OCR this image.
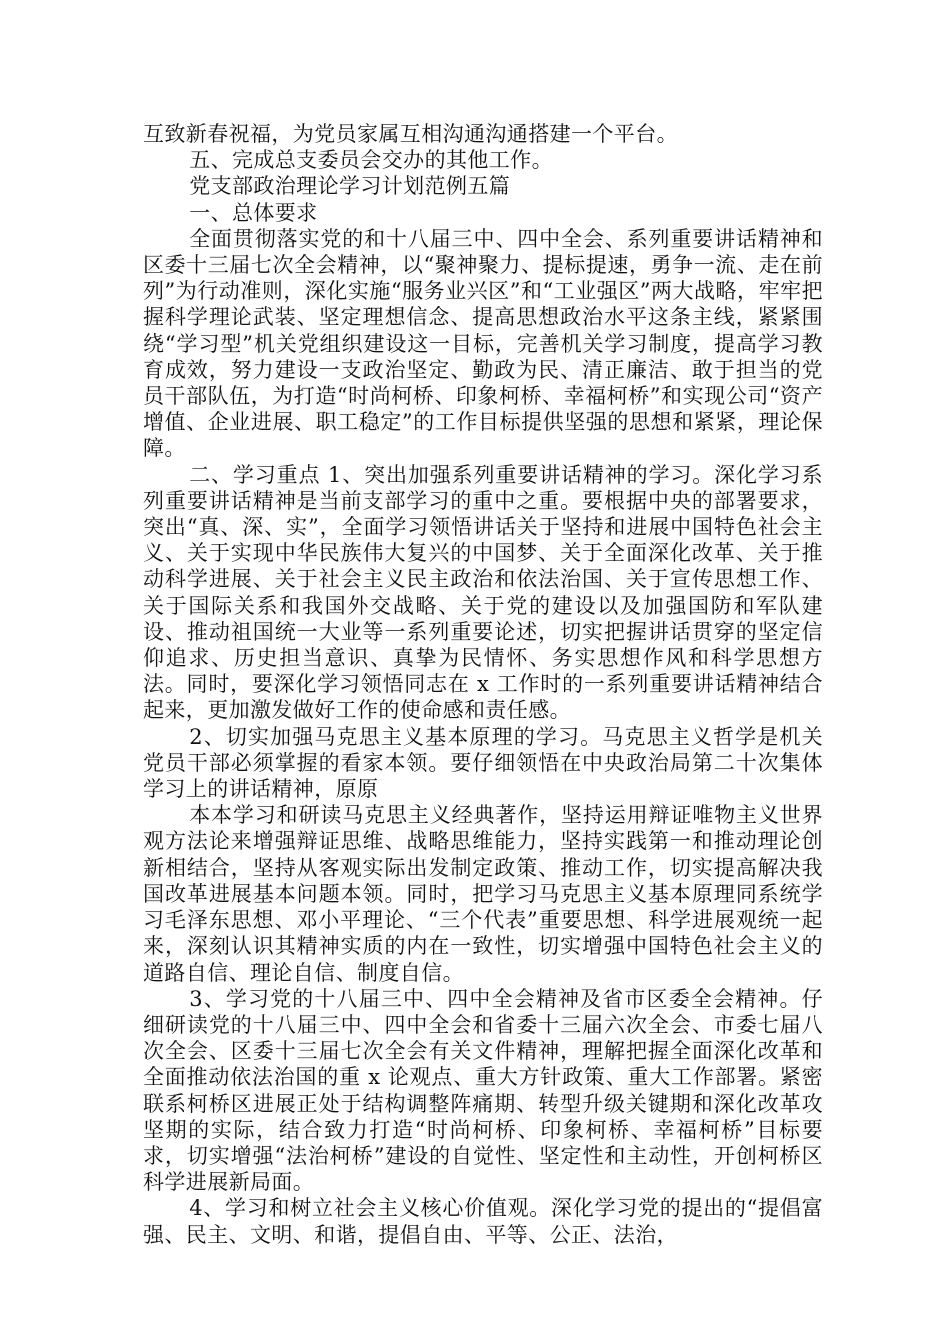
互致新春祝福，为党员家属互相沟通沟通搭建一个平台。

五、完成总支委员会交办的其他工作。

党支部政治理论学习计划范例五篇

一、总体要求

全面贯彻落实党的和十八届三中、四中全会、系列重要讲话精神和区委十三届七次全会精神，以“聚神聚力、提标提速，勇争一流、走在前列”为行动准则，深化实施“服务业兴区”和“工业强区”两大战略，牢牢把握科学理论武装、坚定理想信念、提高思想政治水平这条主线，紧紧围绕“学习型”机关党组织建设这一目标，完善机关学习制度，提高学习教育成效，努力建设一支政治坚定、勤政为民、清正廉洁、敢于担当的党员干部队伍，为打造“时尚柯桥、印象柯桥、幸福柯桥”和实现公司“资产增值、企业进展、职工稳定”的工作目标提供坚强的思想和紧紧，理论保障。

二、学习重点 1、突出加强系列重要讲话精神的学习。深化学习系列重要讲话精神是当前支部学习的重中之重。要根据中央的部署要求，突出“真、深、实”，全面学习领悟讲话关于坚持和进展中国特色社会主义、关于实现中华民族伟大复兴的中国梦、关于全面深化改革、关于推动科学进展、关于社会主义民主政治和依法治国、关于宣传思想工作、关于国际关系和我国外交战略、关于党的建设以及加强国防和军队建设、推动祖国统一大业等一系列重要论述，切实把握讲话贯穿的坚定信仰追求、历史担当意识、真挚为民情怀、务实思想作风和科学思想方法。同时，要深化学习领悟同志在 x 工作时的一系列重要讲话精神结合起来，更加激发做好工作的使命感和责任感。

2、切实加强马克思主义基本原理的学习。马克思主义哲学是机关党员干部必须掌握的看家本领。要仔细领悟在中央政治局第二十次集体学习上的讲话精神，原原

本本学习和研读马克思主义经典著作，坚持运用辩证唯物主义世界观方法论来增强辩证思维、战略思维能力，坚持实践第一和推动理论创新相结合，坚持从客观实际出发制定政策、推动工作，切实提高解决我国改革进展基本问题本领。同时，把学习马克思主义基本原理同系统学习毛泽东思想、邓小平理论、“三个代表”重要思想、科学进展观统一起来，深刻认识其精神实质的内在一致性，切实增强中国特色社会主义的道路自信、理论自信、制度自信。

3、学习党的十八届三中、四中全会精神及省市区委全会精神。仔细研读党的十八届三中、四中全会和省委十三届六次全会、市委七届八次全会、区委十三届七次全会有关文件精神，理解把握全面深化改革和全面推动依法治国的重 x 论观点、重大方针政策、重大工作部署。紧密联系柯桥区进展正处于结构调整阵痛期、转型升级关键期和深化改革攻坚期的实际，结合致力打造“时尚柯桥、印象柯桥、幸福柯桥”目标要求，切实增强“法治柯桥”建设的自觉性、坚定性和主动性，开创柯桥区科学进展新局面。

4、学习和树立社会主义核心价值观。深化学习党的提出的“提倡富强、民主、文明、和谐，提倡自由、平等、公正、法治，
